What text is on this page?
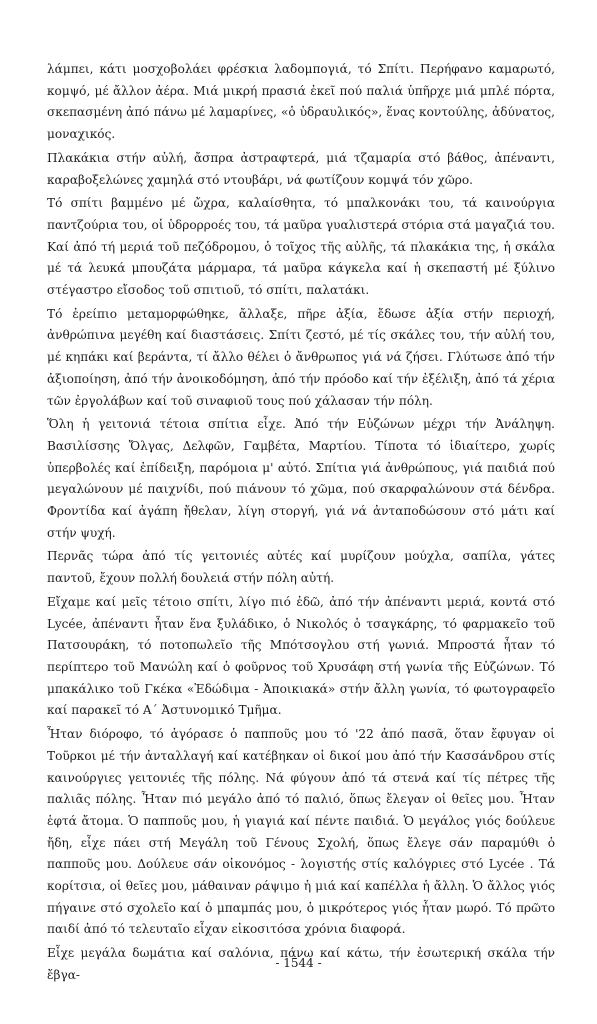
λάμπει, κάτι μοσχοβολάει φρέσκια λαδομπογιά, τό Σπίτι. Περήφανο καμαρωτό, κομψό, μέ ἄλλον ἀέρα. Μιά μικρή πρασιά ἐκεῖ πού παλιά ὑπῆρχε μιά μπλέ πόρτα, σκεπασμένη ἀπό πάνω μέ λαμαρίνες, «ὁ ὑδραυλικός», ἕνας κοντούλης, ἀδύνατος, μοναχικός.

Πλακάκια στήν αὐλή, ἄσπρα ἀστραφτερά, μιά τζαμαρία στό βάθος, ἀπέναντι, καραβοξελώνες χαμηλά στό ντουβάρι, νά φωτίζουν κομψά τόν χῶρο.

Τό σπίτι βαμμένο μέ ὤχρα, καλαίσθητα, τό μπαλκονάκι του, τά καινούργια παντζούρια του, οἱ ὑδρορροές του, τά μαῦρα γυαλιστερά στόρια στά μαγαζιά του. Καί ἀπό τή μεριά τοῦ πεζόδρομου, ὁ τοῖχος τῆς αὐλῆς, τά πλακάκια της, ἡ σκάλα μέ τά λευκά μπουζάτα μάρμαρα, τά μαῦρα κάγκελα καί ἡ σκεπαστή μέ ξύλινο στέγαστρο εἴσοδος τοῦ σπιτιοῦ, τό σπίτι, παλατάκι.

Τό ἐρείπιο μεταμορφώθηκε, ἄλλαξε, πῆρε ἀξία, ἔδωσε ἀξία στήν περιοχή, ἀνθρώπινα μεγέθη καί διαστάσεις. Σπίτι ζεστό, μέ τίς σκάλες του, τήν αὐλή του, μέ κηπάκι καί βεράντα, τί ἄλλο θέλει ὁ ἄνθρωπος γιά νά ζήσει. Γλύτωσε ἀπό τήν ἀξιοποίηση, ἀπό τήν ἀνοικοδόμηση, ἀπό τήν πρόοδο καί τήν ἐξέλιξη, ἀπό τά χέρια τῶν ἐργολάβων καί τοῦ σιναφιοῦ τους πού χάλασαν τήν πόλη.

Ὅλη ἡ γειτονιά τέτοια σπίτια εἶχε. Ἀπό τήν Εὐζώνων μέχρι τήν Ἀνάληψη. Βασιλίσσης Ὄλγας, Δελφῶν, Γαμβέτα, Μαρτίου. Τίποτα τό ἰδιαίτερο, χωρίς ὑπερβολές καί ἐπίδειξη, παρόμοια μ' αὐτό. Σπίτια γιά ἀνθρώπους, γιά παιδιά πού μεγαλώνουν μέ παιχνίδι, πού πιάνουν τό χῶμα, πού σκαρφαλώνουν στά δένδρα. Φροντίδα καί ἀγάπη ἤθελαν, λίγη στοργή, γιά νά ἀνταποδώσουν στό μάτι καί στήν ψυχή.

Περνᾶς τώρα ἀπό τίς γειτονιές αὐτές καί μυρίζουν μούχλα, σαπίλα, γάτες παντοῦ, ἔχουν πολλή δουλειά στήν πόλη αὐτή.

Εἴχαμε καί μεῖς τέτοιο σπίτι, λίγο πιό ἐδῶ, ἀπό τήν ἀπέναντι μεριά, κοντά στό Lycée, ἀπέναντι ἦταν ἕνα ξυλάδικο, ὁ Νικολός ὁ τσαγκάρης, τό φαρμακεῖο τοῦ Πατσουράκη, τό ποτοπωλεῖο τῆς Μπότσογλου στή γωνιά. Μπροστά ἦταν τό περίπτερο τοῦ Μανώλη καί ὁ φοῦρνος τοῦ Χρυσάφη στή γωνία τῆς Εὐζώνων. Τό μπακάλικο τοῦ Γκέκα «Ἐδώδιμα - Ἀποικιακά» στήν ἄλλη γωνία, τό φωτογραφεῖο καί παρακεῖ τό Α΄ Ἀστυνομικό Τμῆμα.

Ἦταν διόροφο, τό ἀγόρασε ὁ παπποῦς μου τό '22 ἀπό πασᾶ, ὅταν ἔφυγαν οἱ Τοῦρκοι μέ τήν ἀνταλλαγή καί κατέβηκαν οἱ δικοί μου ἀπό τήν Κασσάνδρου στίς καινούργιες γειτονιές τῆς πόλης. Νά φύγουν ἀπό τά στενά καί τίς πέτρες τῆς παλιᾶς πόλης. Ἦταν πιό μεγάλο ἀπό τό παλιό, ὅπως ἔλεγαν οἱ θεῖες μου. Ἦταν ἑφτά ἄτομα. Ὁ παπποῦς μου, ἡ γιαγιά καί πέντε παιδιά. Ὁ μεγάλος γιός δούλευε ἤδη, εἶχε πάει στή Μεγάλη τοῦ Γένους Σχολή, ὅπως ἔλεγε σάν παραμύθι ὁ παπποῦς μου. Δούλευε σάν οἰκονόμος - λογιστής στίς καλόγριες στό Lycée . Τά κορίτσια, οἱ θεῖες μου, μάθαιναν ράψιμο ἡ μιά καί καπέλλα ἡ ἄλλη. Ὁ ἄλλος γιός πήγαινε στό σχολεῖο καί ὁ μπαμπάς μου, ὁ μικρότερος γιός ἦταν μωρό. Τό πρῶτο παιδί ἀπό τό τελευταῖο εἶχαν εἰκοσιτόσα χρόνια διαφορά.

Εἶχε μεγάλα δωμάτια καί σαλόνια, πάνω καί κάτω, τήν ἐσωτερική σκάλα τήν ἔβγα-

- 1544 -
